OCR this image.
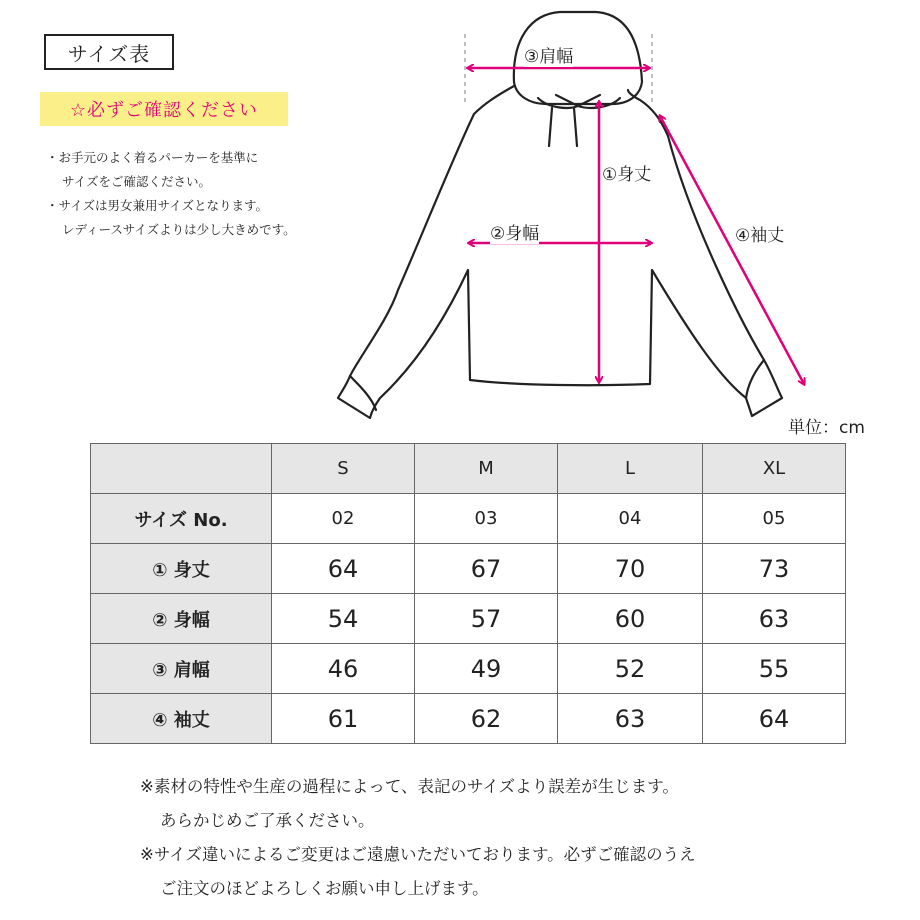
サイズ表
☆必ずご確認ください
・お手元のよく着るパーカーを基準に
サイズをご確認ください。
・サイズは男女兼用サイズとなります。
レディースサイズよりは少し大きめです。
③肩幅
①身丈
②身幅	④袖丈
単位：cm
	S	M	L	XL
サイズ No.	02	03	04	05
① 身丈	64	67	70	73
② 身幅	54	57	60	63
③ 肩幅	46	49	52	55
④ 袖丈	61	62	63	64
※素材の特性や生産の過程によって、表記のサイズより誤差が生じます。
あらかじめご了承ください。
※サイズ違いによるご変更はご遠慮いただいております。必ずご確認のうえ
ご注文のほどよろしくお願い申し上げます。
